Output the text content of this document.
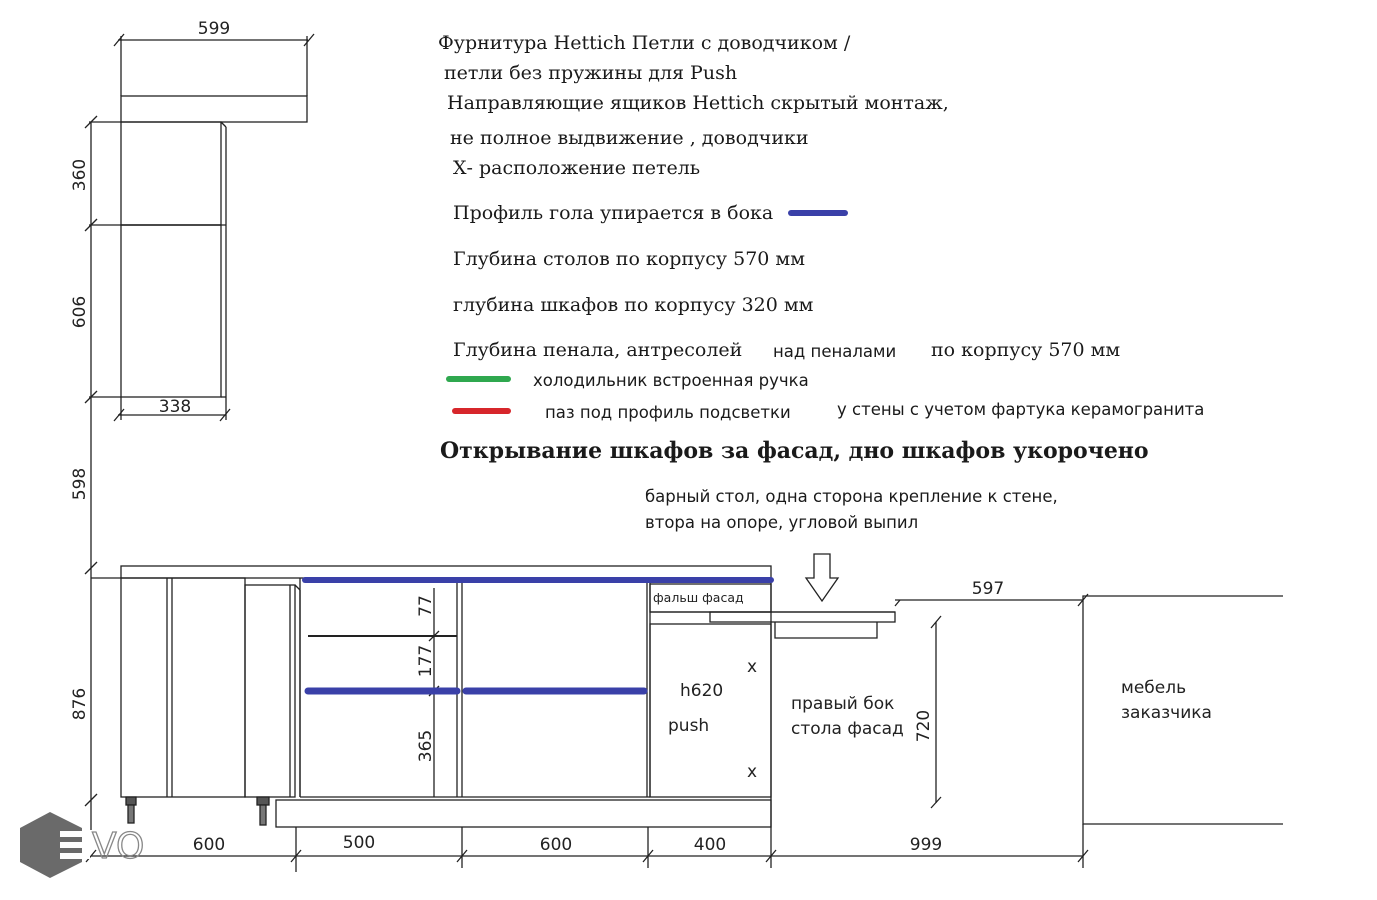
599
338
360
606
598
876
77
177
365
720
597
600	500	600	400	999
фальш фасад
x
x
h620
push
правый бок
стола фасад
мебель
заказчика
VO
Фурнитура Hettich Петли с доводчиком /
петли без пружины для Push
Направляющие ящиков Hettich скрытый монтаж,
не полное выдвижение , доводчики
Х- расположение петель
Профиль гола упирается в бока
Глубина столов по корпусу 570 мм
глубина шкафов по корпусу 320 мм
Глубина пенала, антресолей над пеналами по корпусу 570 мм
холодильник встроенная ручка
паз под профиль подсветки	у стены с учетом фартука керамогранита
Открывание шкафов за фасад, дно шкафов укорочено
барный стол, одна сторона крепление к стене,
втора на опоре, угловой выпил
